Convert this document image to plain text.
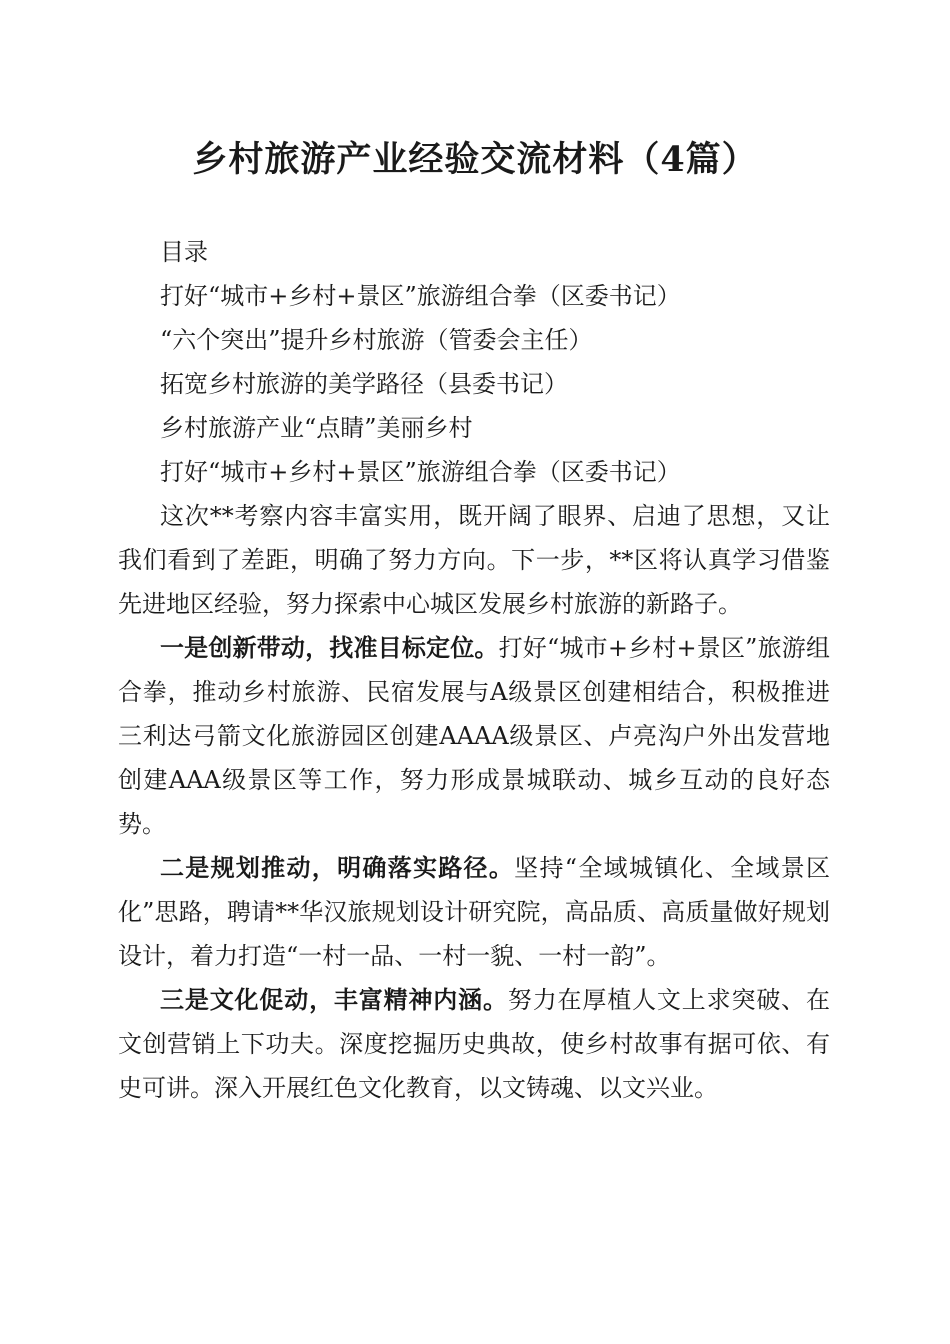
乡村旅游产业经验交流材料（4篇）
目录
打好“城市+乡村+景区”旅游组合拳（区委书记）
“六个突出”提升乡村旅游（管委会主任）
拓宽乡村旅游的美学路径（县委书记）
乡村旅游产业“点睛”美丽乡村
打好“城市+乡村+景区”旅游组合拳（区委书记）

这次**考察内容丰富实用，既开阔了眼界、启迪了思想，又让我们看到了差距，明确了努力方向。下一步，**区将认真学习借鉴先进地区经验，努力探索中心城区发展乡村旅游的新路子。

一是创新带动，找准目标定位。打好“城市+乡村+景区”旅游组合拳，推动乡村旅游、民宿发展与A级景区创建相结合，积极推进三利达弓箭文化旅游园区创建AAAA级景区、卢亮沟户外出发营地创建AAA级景区等工作，努力形成景城联动、城乡互动的良好态势。

二是规划推动，明确落实路径。坚持“全域城镇化、全域景区化”思路，聘请**华汉旅规划设计研究院，高品质、高质量做好规划设计，着力打造“一村一品、一村一貌、一村一韵”。

三是文化促动，丰富精神内涵。努力在厚植人文上求突破、在文创营销上下功夫。深度挖掘历史典故，使乡村故事有据可依、有史可讲。深入开展红色文化教育，以文铸魂、以文兴业。
